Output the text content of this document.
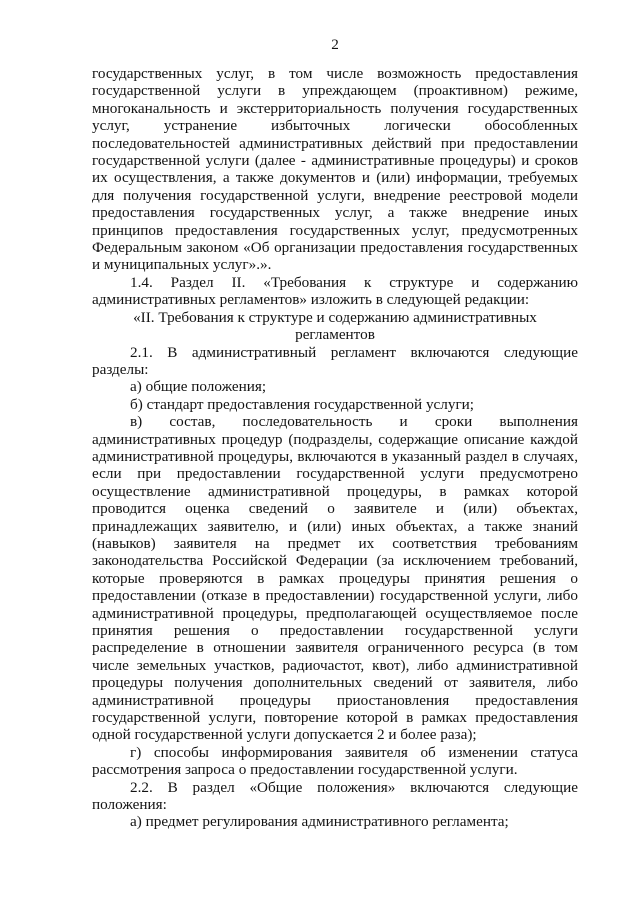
2
государственных услуг, в том числе возможность предоставления
государственной услуги в упреждающем (проактивном) режиме,
многоканальность и экстерриториальность получения государственных
услуг, устранение избыточных логически обособленных
последовательностей административных действий при предоставлении
государственной услуги (далее - административные процедуры) и сроков
их осуществления, а также документов и (или) информации, требуемых
для получения государственной услуги, внедрение реестровой модели
предоставления государственных услуг, а также внедрение иных
принципов предоставления государственных услуг, предусмотренных
Федеральным законом «Об организации предоставления государственных
и муниципальных услуг».».
1.4. Раздел II. «Требования к структуре и содержанию
административных регламентов» изложить в следующей редакции:
«II. Требования к структуре и содержанию административных
регламентов
2.1. В административный регламент включаются следующие
разделы:
а) общие положения;
б) стандарт предоставления государственной услуги;
в) состав, последовательность и сроки выполнения
административных процедур (подразделы, содержащие описание каждой
административной процедуры, включаются в указанный раздел в случаях,
если при предоставлении государственной услуги предусмотрено
осуществление административной процедуры, в рамках которой
проводится оценка сведений о заявителе и (или) объектах,
принадлежащих заявителю, и (или) иных объектах, а также знаний
(навыков) заявителя на предмет их соответствия требованиям
законодательства Российской Федерации (за исключением требований,
которые проверяются в рамках процедуры принятия решения о
предоставлении (отказе в предоставлении) государственной услуги, либо
административной процедуры, предполагающей осуществляемое после
принятия решения о предоставлении государственной услуги
распределение в отношении заявителя ограниченного ресурса (в том
числе земельных участков, радиочастот, квот), либо административной
процедуры получения дополнительных сведений от заявителя, либо
административной процедуры приостановления предоставления
государственной услуги, повторение которой в рамках предоставления
одной государственной услуги допускается 2 и более раза);
г) способы информирования заявителя об изменении статуса
рассмотрения запроса о предоставлении государственной услуги.
2.2. В раздел «Общие положения» включаются следующие
положения:
а) предмет регулирования административного регламента;
